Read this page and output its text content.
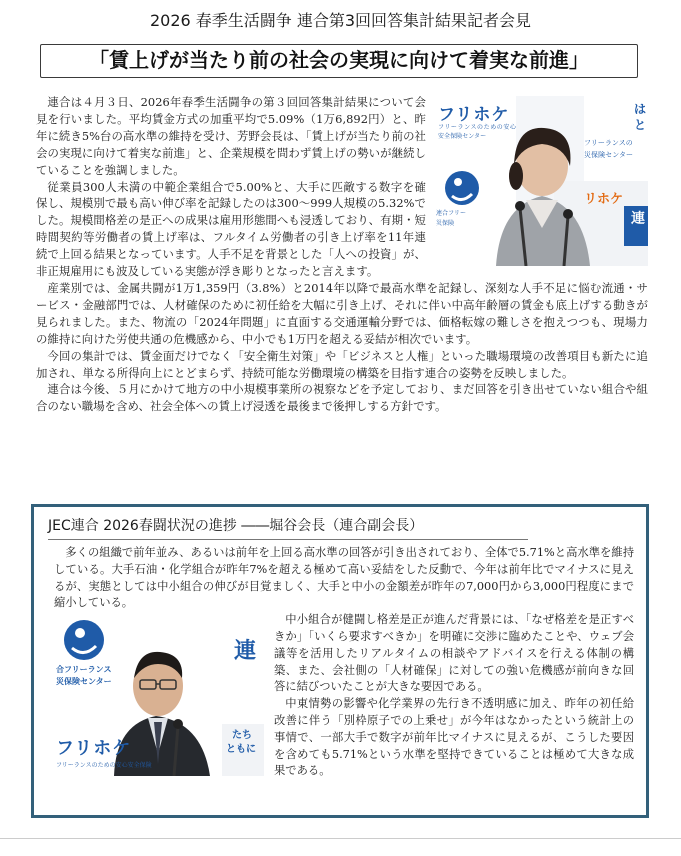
2026 春季生活闘争 連合第3回回答集計結果記者会見
「賃上げが当たり前の社会の実現に向けて着実な前進」
フリホケ
フリーランスのための安心安全保険センター
フリーランスの
災保険センター
連合フリー
災保険
リホケ
は
と
連

連合は４月３日、2026年春季生活闘争の第３回回答集計結果について会見を行いました。平均賃金方式の加重平均で5.09%（1万6,892円）と、昨年に続き5%台の高水準の維持を受け、芳野会長は、「賃上げが当たり前の社会の実現に向けて着実な前進」と、企業規模を問わず賃上げの勢いが継続していることを強調しました。

従業員300人未満の中範企業組合で5.00%と、大手に匹敵する数字を確保し、規模別で最も高い伸び率を記録したのは300～999人規模の5.32%でした。規模間格差の是正への成果は雇用形態間へも浸透しており、有期・短時間契約等労働者の賃上げ率は、フルタイム労働者の引き上げ率を11年連続で上回る結果となっています。人手不足を背景とした「人への投資」が、非正規雇用にも波及している実態が浮き彫りとなったと言えます。

産業別では、金属共闘が1万1,359円（3.8%）と2014年以降で最高水準を記録し、深刻な人手不足に悩む流通・サービス・金融部門では、人材確保のために初任給を大幅に引き上げ、それに伴い中高年齢層の賃金も底上げする動きが見られました。また、物流の「2024年問題」に直面する交通運輸分野では、価格転嫁の難しさを抱えつつも、現場力の維持に向けた労使共通の危機感から、中小でも1万円を超える妥結が相次でいます。

今回の集計では、賃金面だけでなく「安全衛生対策」や「ビジネスと人権」といった職場環境の改善項目も新たに追加され、単なる所得向上にとどまらず、持続可能な労働環境の構築を目指す連合の姿勢を反映しました。

連合は今後、５月にかけて地方の中小規模事業所の視察などを予定しており、まだ回答を引き出せていない組合や組合のない職場を含め、社会全体への賃上げ浸透を最後まで後押しする方針です。

JEC連合 2026春闘状況の進捗 ――堀谷会長（連合副会長）

多くの組織で前年並み、あるいは前年を上回る高水準の回答が引き出されており、全体で5.71%と高水準を維持している。大手石油・化学組合が昨年7%を超える極めて高い妥結をした反動で、今年は前年比でマイナスに見えるが、実態としては中小組合の伸びが目覚ましく、大手と中小の金額差が昨年の7,000円から3,000円程度にまで縮小している。

合フリーランス
災保険センター
フリホケ
フリーランスのための安心安全保険
連
たち
ともに

中小組合が健闘し格差是正が進んだ背景には、「なぜ格差を是正すべきか」「いくら要求すべきか」を明確に交渉に臨めたことや、ウェブ会議等を活用したリアルタイムの相談やアドバイスを行える体制の構築、また、会社側の「人材確保」に対しての強い危機感が前向きな回答に結びついたことが大きな要因である。

中東情勢の影響や化学業界の先行き不透明感に加え、昨年の初任給改善に伴う「別枠原子での上乗せ」が今年はなかったという統計上の事情で、一部大手で数字が前年比マイナスに見えるが、こうした要因を含めても5.71%という水準を堅持できていることは極めて大きな成果である。
